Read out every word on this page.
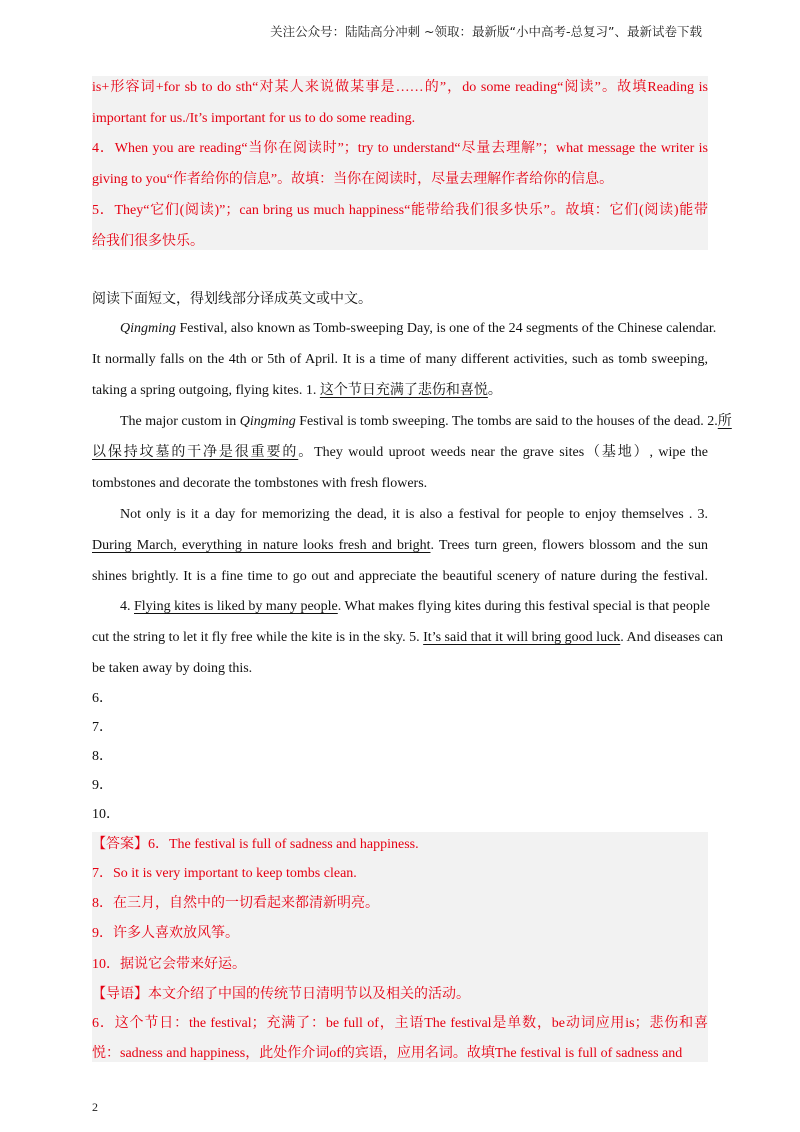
关注公众号：陆陆高分冲刺 ~领取：最新版“小中高考-总复习”、最新试卷下载
is+形容词+for sb to do sth“对某人来说做某事是……的”，do some reading“阅读”。故填Reading is
important for us./It’s important for us to do some reading.
4．When you are reading“当你在阅读时”；try to understand“尽量去理解”；what message the writer is
giving to you“作者给你的信息”。故填：当你在阅读时，尽量去理解作者给你的信息。
5．They“它们(阅读)”；can bring us much happiness“能带给我们很多快乐”。故填：它们(阅读)能带
给我们很多快乐。
阅读下面短文，得划线部分译成英文或中文。
Qingming Festival, also known as Tomb-sweeping Day, is one of the 24 segments of the Chinese calendar.
It normally falls on the 4th or 5th of April. It is a time of many different activities, such as tomb sweeping,
taking a spring outgoing, flying kites. 1. 这个节日充满了悲伤和喜悦。
The major custom in Qingming Festival is tomb sweeping. The tombs are said to the houses of the dead. 2.所
以保持坟墓的干净是很重要的。They would uproot weeds near the grave sites（基地）, wipe the
tombstones and decorate the tombstones with fresh flowers.
Not only is it a day for memorizing the dead, it is also a festival for people to enjoy themselves . 3.
During March, everything in nature looks fresh and bright. Trees turn green, flowers blossom and the sun
shines brightly. It is a fine time to go out and appreciate the beautiful scenery of nature during the festival.
4. Flying kites is liked by many people. What makes flying kites during this festival special is that people
cut the string to let it fly free while the kite is in the sky. 5. It’s said that it will bring good luck. And diseases can
be taken away by doing this.
6．
7．
8．
9．
10．
【答案】6．The festival is full of sadness and happiness.
7．So it is very important to keep tombs clean.
8．在三月，自然中的一切看起来都清新明亮。
9．许多人喜欢放风筝。
10．据说它会带来好运。
【导语】本文介绍了中国的传统节日清明节以及相关的活动。
6．这个节日：the festival；充满了：be full of，主语The festival是单数，be动词应用is；悲伤和喜
悦：sadness and happiness，此处作介词of的宾语，应用名词。故填The festival is full of sadness and
2
